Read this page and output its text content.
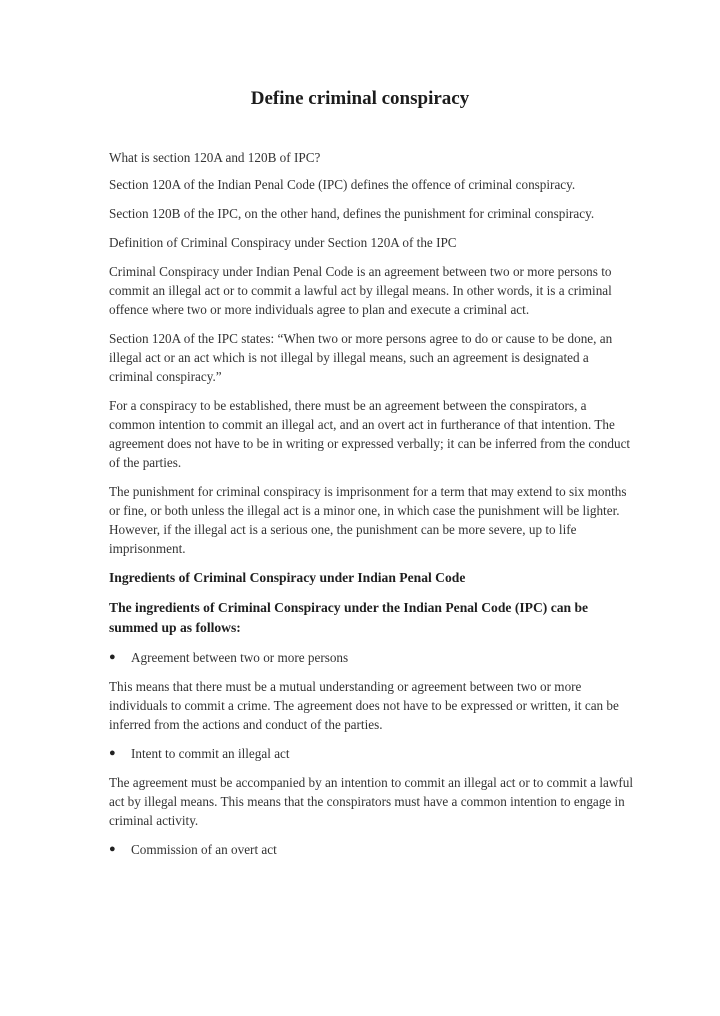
Define criminal conspiracy

What is section 120A and 120B of IPC?

Section 120A of the Indian Penal Code (IPC) defines the offence of criminal conspiracy.

Section 120B of the IPC, on the other hand, defines the punishment for criminal conspiracy.

Definition of Criminal Conspiracy under Section 120A of the IPC

Criminal Conspiracy under Indian Penal Code is an agreement between two or more persons to commit an illegal act or to commit a lawful act by illegal means. In other words, it is a criminal offence where two or more individuals agree to plan and execute a criminal act.

Section 120A of the IPC states: “When two or more persons agree to do or cause to be done, an illegal act or an act which is not illegal by illegal means, such an agreement is designated a criminal conspiracy.”

For a conspiracy to be established, there must be an agreement between the conspirators, a common intention to commit an illegal act, and an overt act in furtherance of that intention. The agreement does not have to be in writing or expressed verbally; it can be inferred from the conduct of the parties.

The punishment for criminal conspiracy is imprisonment for a term that may extend to six months or fine, or both unless the illegal act is a minor one, in which case the punishment will be lighter. However, if the illegal act is a serious one, the punishment can be more severe, up to life imprisonment.

Ingredients of Criminal Conspiracy under Indian Penal Code

The ingredients of Criminal Conspiracy under the Indian Penal Code (IPC) can be summed up as follows:

●	Agreement between two or more persons

This means that there must be a mutual understanding or agreement between two or more individuals to commit a crime. The agreement does not have to be expressed or written, it can be inferred from the actions and conduct of the parties.

●	Intent to commit an illegal act

The agreement must be accompanied by an intention to commit an illegal act or to commit a lawful act by illegal means. This means that the conspirators must have a common intention to engage in criminal activity.

●	Commission of an overt act
